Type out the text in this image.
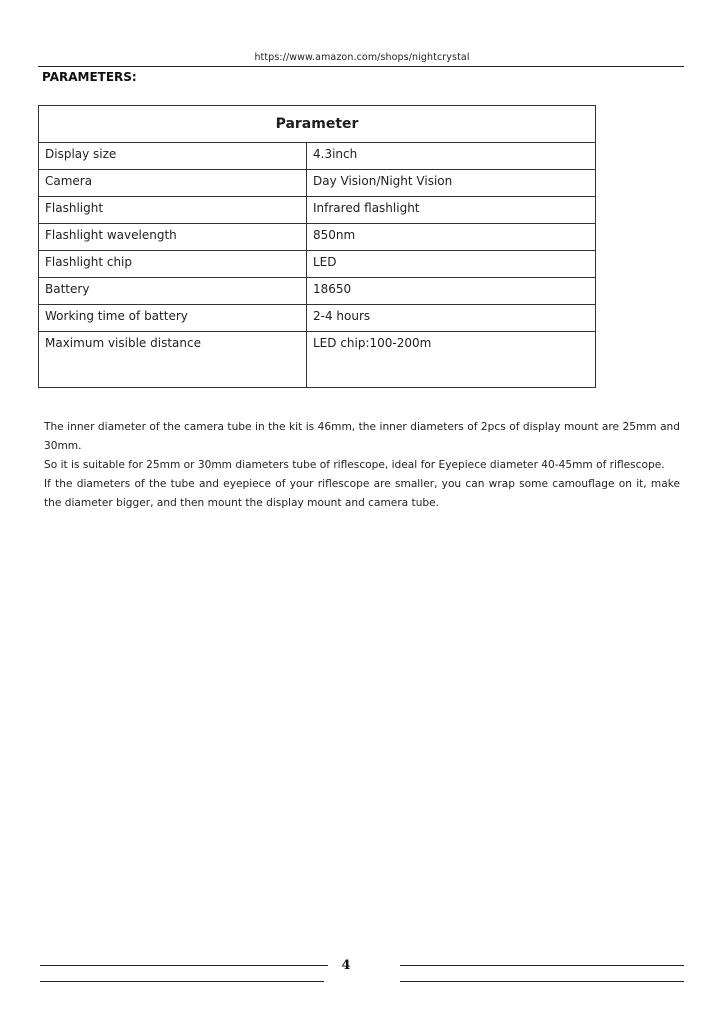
https://www.amazon.com/shops/nightcrystal
PARAMETERS:
Parameter	
Display size	4.3inch
Camera	Day Vision/Night Vision
Flashlight	Infrared flashlight
Flashlight wavelength	850nm
Flashlight chip	LED
Battery	18650
Working time of battery	2-4 hours
Maximum visible distance	LED chip:100-200m

The inner diameter of the camera tube in the kit is 46mm, the inner diameters of 2pcs of display mount are 25mm and 30mm.

So it is suitable for 25mm or 30mm diameters tube of riflescope, ideal for Eyepiece diameter 40-45mm of riflescope.

If the diameters of the tube and eyepiece of your riflescope are smaller, you can wrap some camouflage on it, make the diameter bigger, and then mount the display mount and camera tube.

4
